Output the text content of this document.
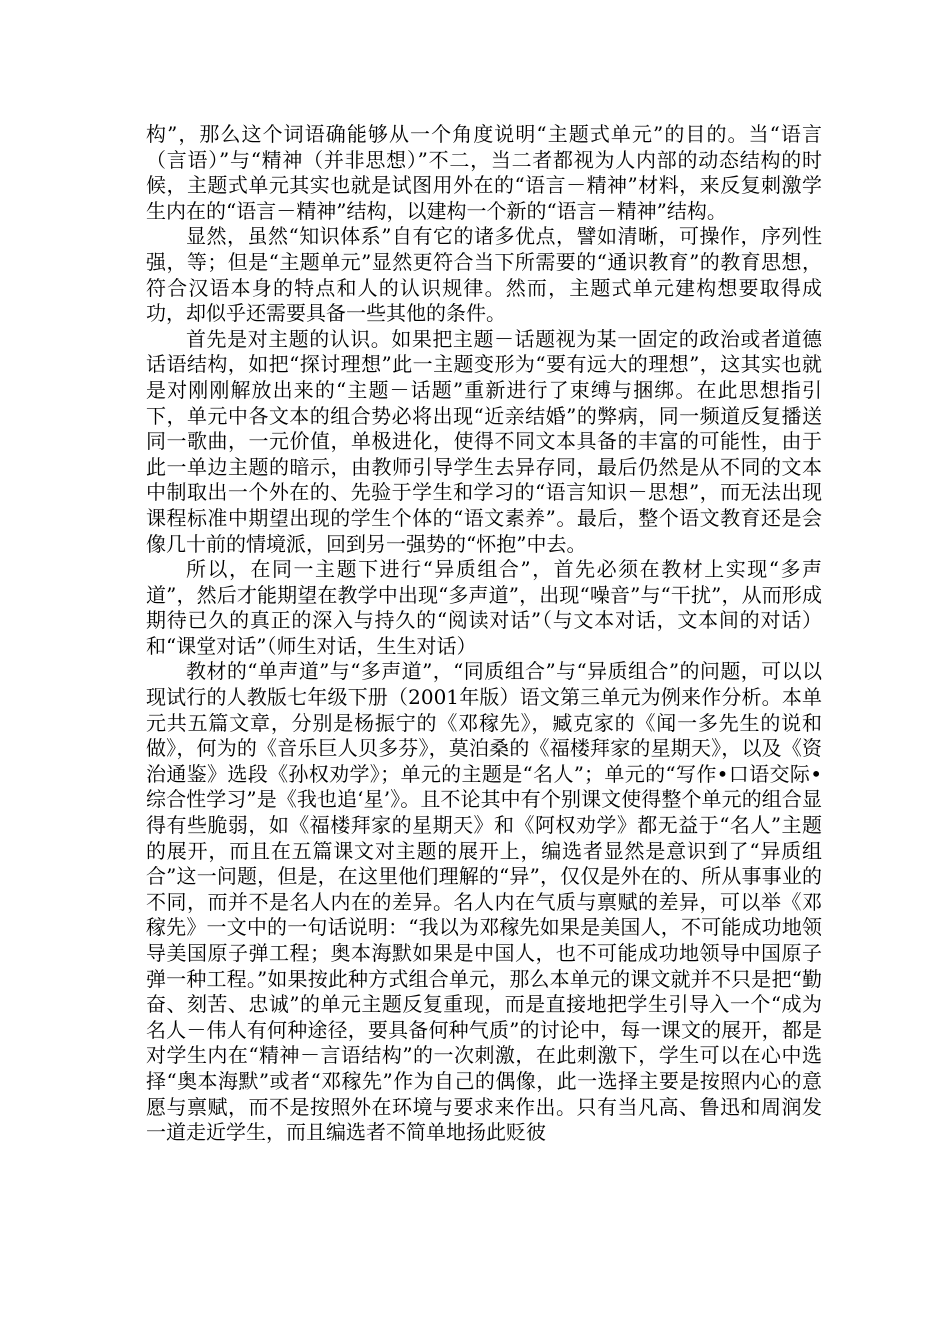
构”，那么这个词语确能够从一个角度说明“主题式单元”的目的。当“语言（言语）”与“精神（并非思想）”不二，当二者都视为人内部的动态结构的时候，主题式单元其实也就是试图用外在的“语言－精神”材料，来反复刺激学生内在的“语言－精神”结构，以建构一个新的“语言－精神”结构。

显然，虽然“知识体系”自有它的诸多优点，譬如清晰，可操作，序列性强，等；但是“主题单元”显然更符合当下所需要的“通识教育”的教育思想，符合汉语本身的特点和人的认识规律。然而，主题式单元建构想要取得成功，却似乎还需要具备一些其他的条件。

首先是对主题的认识。如果把主题－话题视为某一固定的政治或者道德话语结构，如把“探讨理想”此一主题变形为“要有远大的理想”，这其实也就是对刚刚解放出来的“主题－话题”重新进行了束缚与捆绑。在此思想指引下，单元中各文本的组合势必将出现“近亲结婚”的弊病，同一频道反复播送同一歌曲，一元价值，单极进化，使得不同文本具备的丰富的可能性，由于此一单边主题的暗示，由教师引导学生去异存同，最后仍然是从不同的文本中制取出一个外在的、先验于学生和学习的“语言知识－思想”，而无法出现课程标准中期望出现的学生个体的“语文素养”。最后，整个语文教育还是会像几十前的情境派，回到另一强势的“怀抱”中去。

所以，在同一主题下进行“异质组合”，首先必须在教材上实现“多声道”，然后才能期望在教学中出现“多声道”，出现“噪音”与“干扰”，从而形成期待已久的真正的深入与持久的“阅读对话”（与文本对话，文本间的对话）和“课堂对话”（师生对话，生生对话）

教材的“单声道”与“多声道”，“同质组合”与“异质组合”的问题，可以以现试行的人教版七年级下册（2001年版）语文第三单元为例来作分析。本单元共五篇文章，分别是杨振宁的《邓稼先》，臧克家的《闻一多先生的说和做》，何为的《音乐巨人贝多芬》，莫泊桑的《福楼拜家的星期天》，以及《资治通鉴》选段《孙权劝学》；单元的主题是“名人”；单元的“写作•口语交际•综合性学习”是《我也追‘星’》。且不论其中有个别课文使得整个单元的组合显得有些脆弱，如《福楼拜家的星期天》和《阿权劝学》都无益于“名人”主题的展开，而且在五篇课文对主题的展开上，编选者显然是意识到了“异质组合”这一问题，但是，在这里他们理解的“异”，仅仅是外在的、所从事事业的不同，而并不是名人内在的差异。名人内在气质与禀赋的差异，可以举《邓稼先》一文中的一句话说明：“我以为邓稼先如果是美国人，不可能成功地领导美国原子弹工程；奥本海默如果是中国人，也不可能成功地领导中国原子弹一种工程。”如果按此种方式组合单元，那么本单元的课文就并不只是把“勤奋、刻苦、忠诚”的单元主题反复重现，而是直接地把学生引导入一个“成为名人－伟人有何种途径，要具备何种气质”的讨论中，每一课文的展开，都是对学生内在“精神－言语结构”的一次刺激，在此刺激下，学生可以在心中选择“奥本海默”或者“邓稼先”作为自己的偶像，此一选择主要是按照内心的意愿与禀赋，而不是按照外在环境与要求来作出。只有当凡高、鲁迅和周润发一道走近学生，而且编选者不简单地扬此贬彼
